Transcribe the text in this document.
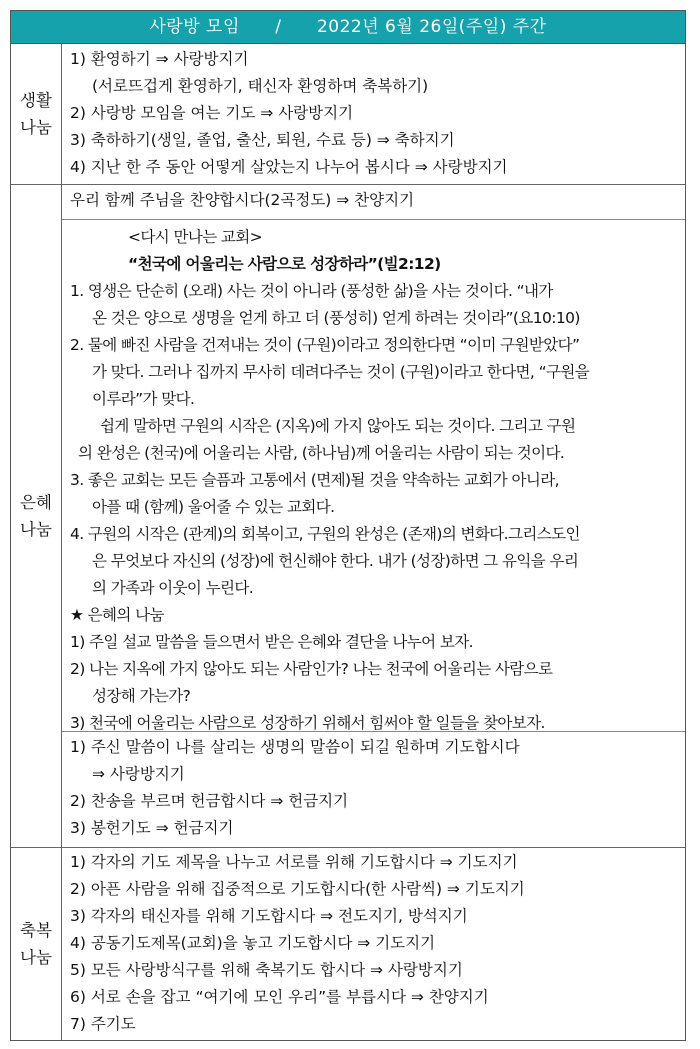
사랑방 모임      /      2022년 6월 26일(주일) 주간
생활
나눔
1) 환영하기 ⇒ 사랑방지기
(서로뜨겁게 환영하기, 태신자 환영하며 축복하기)
2) 사랑방 모임을 여는 기도 ⇒ 사랑방지기
3) 축하하기(생일, 졸업, 출산, 퇴원, 수료 등) ⇒ 축하지기
4) 지난 한 주 동안 어떻게 살았는지 나누어 봅시다 ⇒ 사랑방지기
은혜
나눔
우리 함께 주님을 찬양합시다(2곡정도) ⇒ 찬양지기
<다시 만나는 교회>
“천국에 어울리는 사람으로 성장하라”(빌2:12)
1. 영생은 단순히 (오래) 사는 것이 아니라 (풍성한 삶)을 사는 것이다. “내가
온 것은 양으로 생명을 얻게 하고 더 (풍성히) 얻게 하려는 것이라”(요10:10)
2. 물에 빠진 사람을 건져내는 것이 (구원)이라고 정의한다면 “이미 구원받았다”
가 맞다. 그러나 집까지 무사히 데려다주는 것이 (구원)이라고 한다면, “구원을
이루라”가 맞다.
쉽게 말하면 구원의 시작은 (지옥)에 가지 않아도 되는 것이다. 그리고 구원
의 완성은 (천국)에 어울리는 사람, (하나님)께 어울리는 사람이 되는 것이다.
3. 좋은 교회는 모든 슬픔과 고통에서 (면제)될 것을 약속하는 교회가 아니라,
아플 때 (함께) 울어줄 수 있는 교회다.
4. 구원의 시작은 (관계)의 회복이고, 구원의 완성은 (존재)의 변화다.그리스도인
은 무엇보다 자신의 (성장)에 헌신해야 한다. 내가 (성장)하면 그 유익을 우리
의 가족과 이웃이 누린다.
★ 은혜의 나눔
1) 주일 설교 말씀을 들으면서 받은 은혜와 결단을 나누어 보자.
2) 나는 지옥에 가지 않아도 되는 사람인가? 나는 천국에 어울리는 사람으로
성장해 가는가?
3) 천국에 어울리는 사람으로 성장하기 위해서 힘써야 할 일들을 찾아보자.
1) 주신 말씀이 나를 살리는 생명의 말씀이 되길 원하며 기도합시다
⇒ 사랑방지기
2) 찬송을 부르며 헌금합시다 ⇒ 헌금지기
3) 봉헌기도 ⇒ 헌금지기
축복
나눔
1) 각자의 기도 제목을 나누고 서로를 위해 기도합시다 ⇒ 기도지기
2) 아픈 사람을 위해 집중적으로 기도합시다(한 사람씩) ⇒ 기도지기
3) 각자의 태신자를 위해 기도합시다 ⇒ 전도지기, 방석지기
4) 공동기도제목(교회)을 놓고 기도합시다 ⇒ 기도지기
5) 모든 사랑방식구를 위해 축복기도 합시다 ⇒ 사랑방지기
6) 서로 손을 잡고 “여기에 모인 우리”를 부릅시다 ⇒ 찬양지기
7) 주기도
